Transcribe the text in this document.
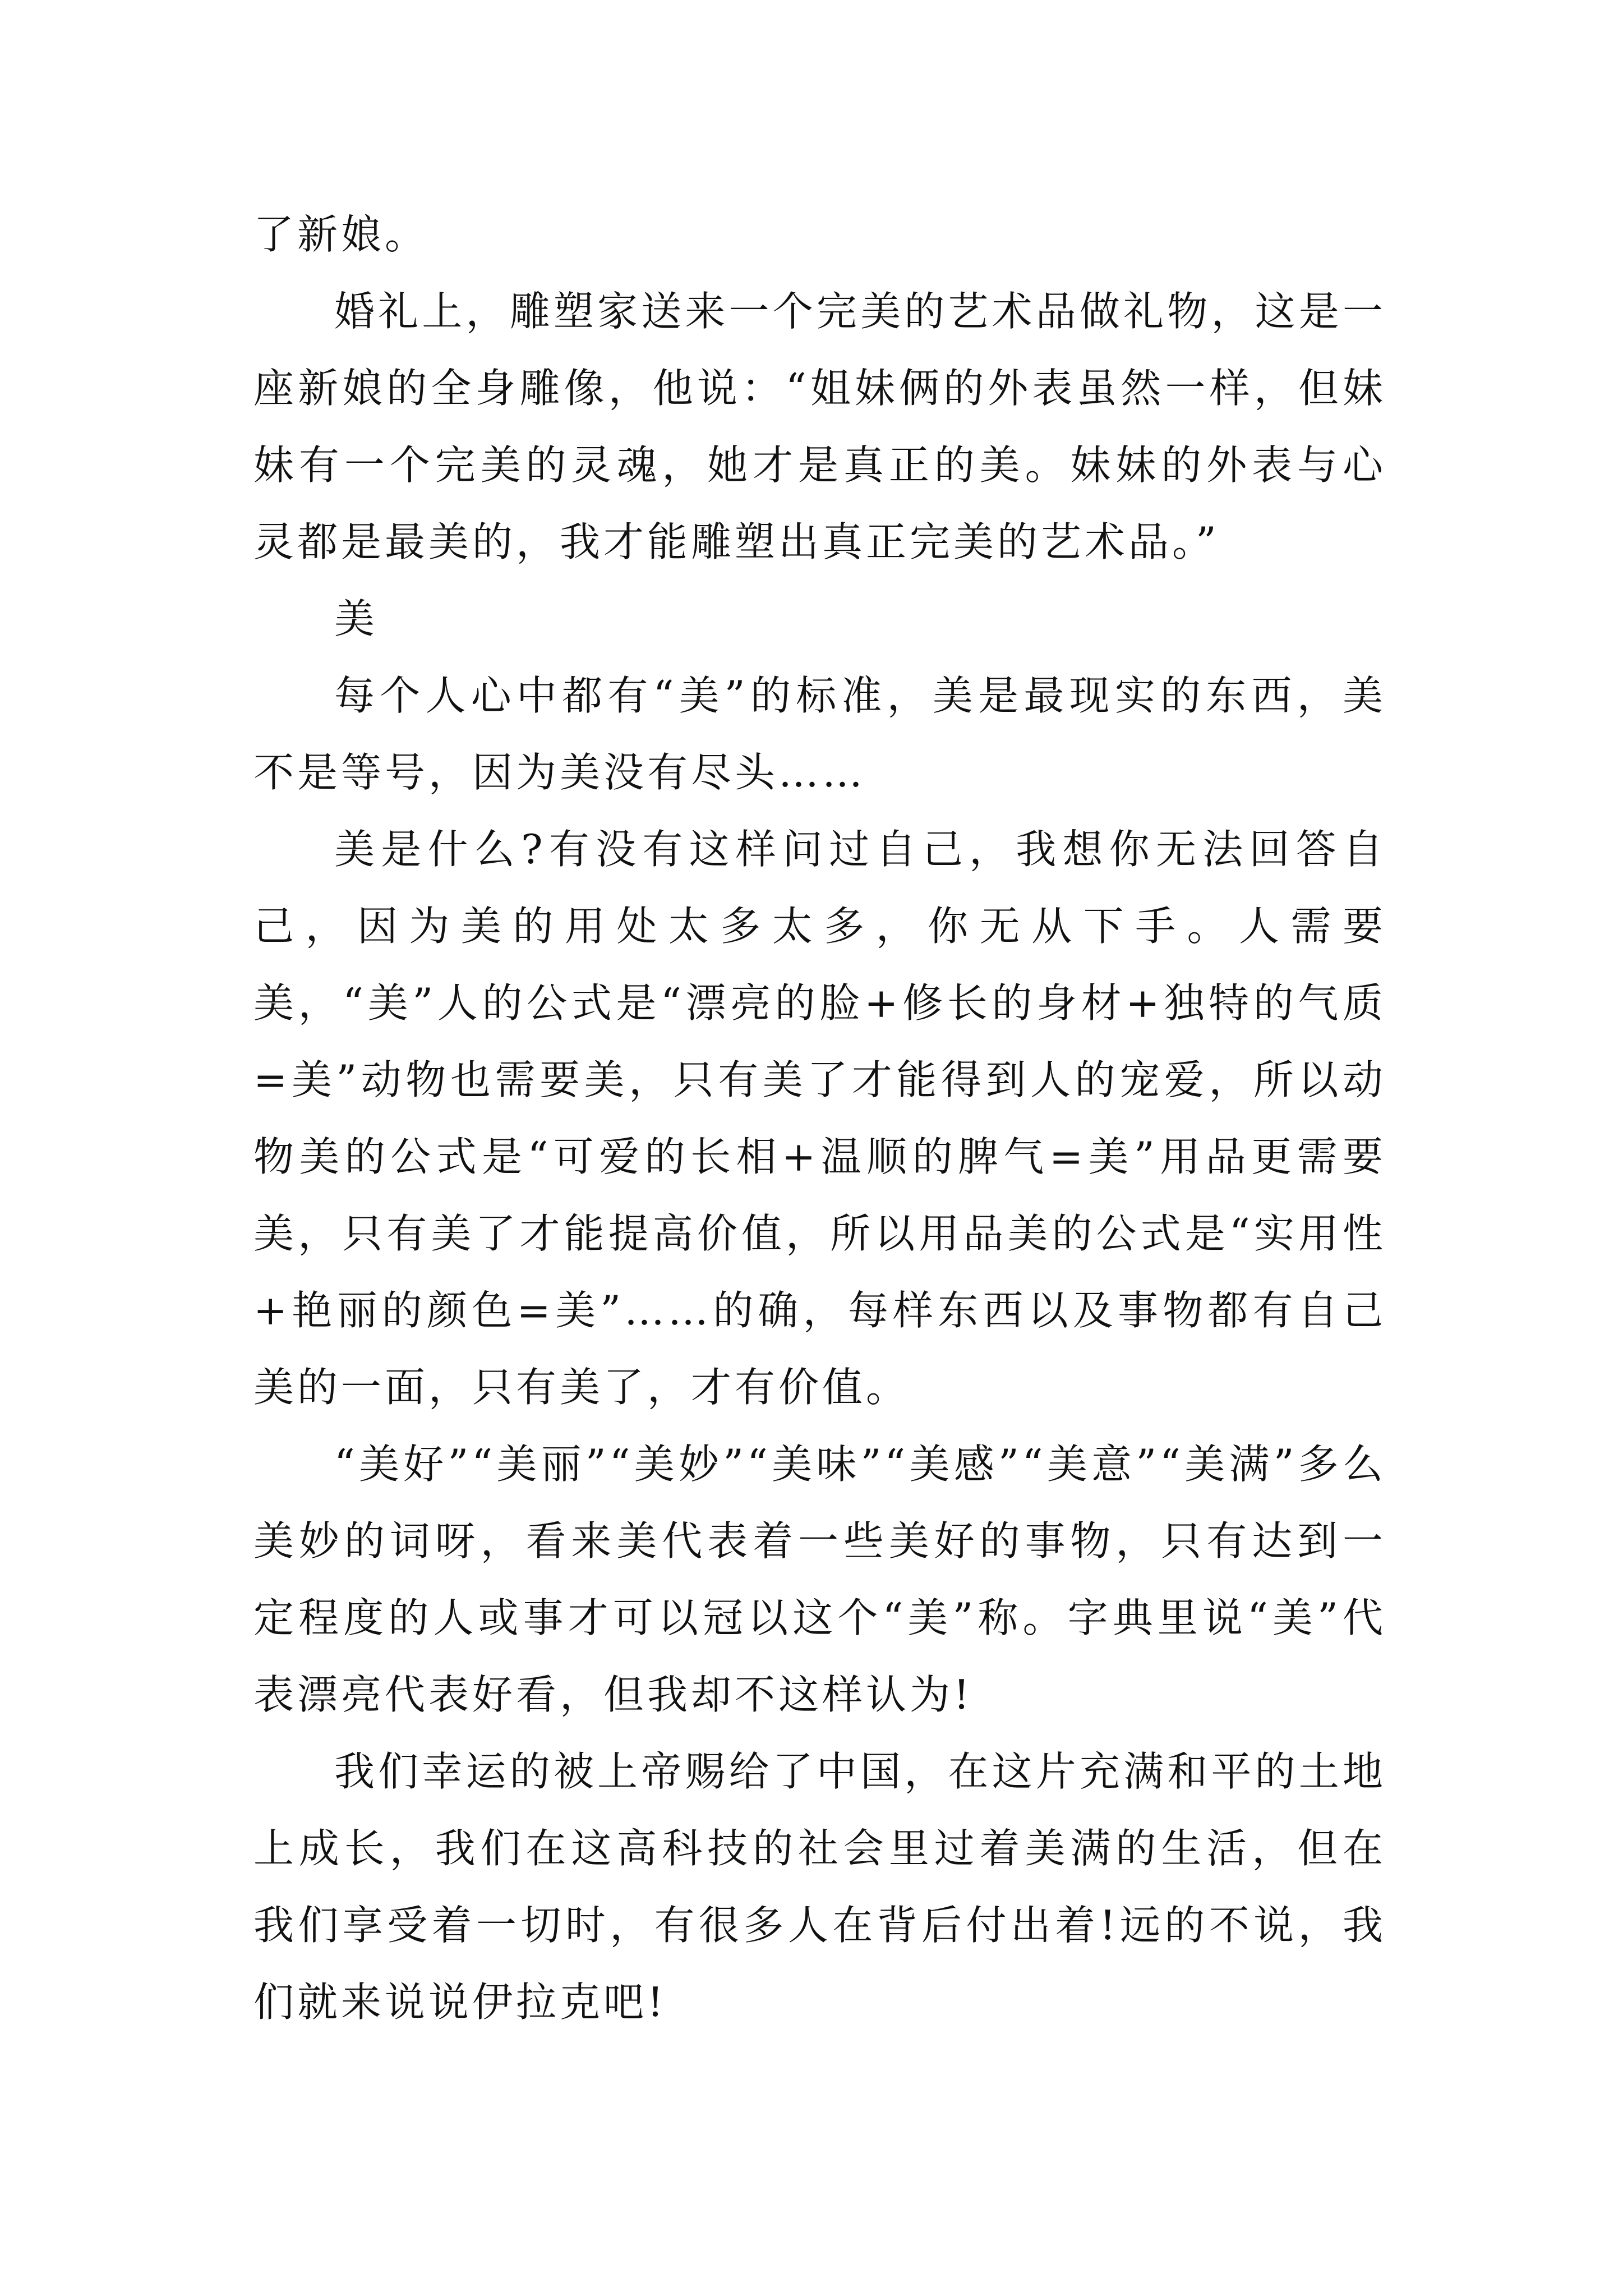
了新娘。

婚礼上，雕塑家送来一个完美的艺术品做礼物，这是一座新娘的全身雕像，他说：“姐妹俩的外表虽然一样，但妹妹有一个完美的灵魂，她才是真正的美。妹妹的外表与心灵都是最美的，我才能雕塑出真正完美的艺术品。”

美

每个人心中都有“美”的标准，美是最现实的东西，美不是等号，因为美没有尽头……

美是什么?有没有这样问过自己，我想你无法回答自己，因为美的用处太多太多，你无从下手。人需要美，“美”人的公式是“漂亮的脸+修长的身材+独特的气质=美”动物也需要美，只有美了才能得到人的宠爱，所以动物美的公式是“可爱的长相+温顺的脾气=美”用品更需要美，只有美了才能提高价值，所以用品美的公式是“实用性+艳丽的颜色=美”……的确，每样东西以及事物都有自己美的一面，只有美了，才有价值。

“美好”“美丽”“美妙”“美味”“美感”“美意”“美满”多么美妙的词呀，看来美代表着一些美好的事物，只有达到一定程度的人或事才可以冠以这个“美”称。字典里说“美”代表漂亮代表好看，但我却不这样认为!

我们幸运的被上帝赐给了中国，在这片充满和平的土地上成长，我们在这高科技的社会里过着美满的生活，但在我们享受着一切时，有很多人在背后付出着!远的不说，我们就来说说伊拉克吧!
